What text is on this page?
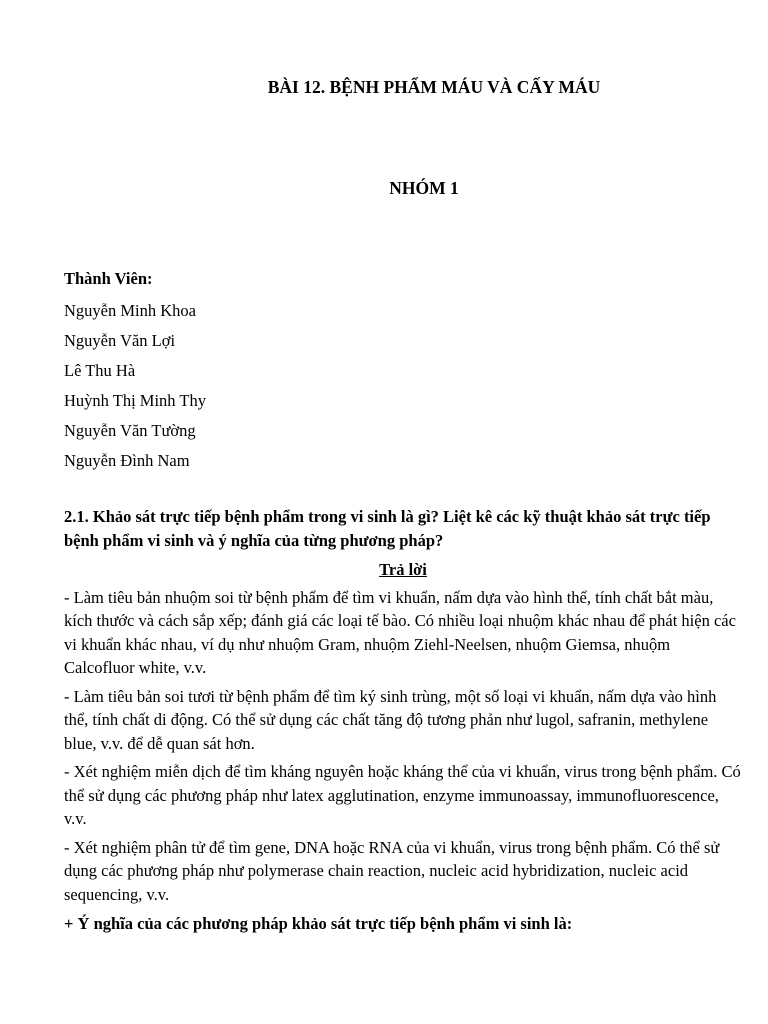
BÀI 12. BỆNH PHẨM MÁU VÀ CẤY MÁU
NHÓM 1

Thành Viên:

Nguyễn Minh Khoa
Nguyễn Văn Lợi
Lê Thu Hà
Huỳnh Thị Minh Thy
Nguyễn Văn Tường
Nguyễn Đình Nam

2.1. Khảo sát trực tiếp bệnh phẩm trong vi sinh là gì? Liệt kê các kỹ thuật khảo sát trực tiếp bệnh phẩm vi sinh và ý nghĩa của từng phương pháp?

Trả lời

- Làm tiêu bản nhuộm soi từ bệnh phẩm để tìm vi khuẩn, nấm dựa vào hình thể, tính chất bắt màu, kích thước và cách sắp xếp; đánh giá các loại tế bào. Có nhiều loại nhuộm khác nhau để phát hiện các vi khuẩn khác nhau, ví dụ như nhuộm Gram, nhuộm Ziehl-Neelsen, nhuộm Giemsa, nhuộm Calcofluor white, v.v.

- Làm tiêu bản soi tươi từ bệnh phẩm để tìm ký sinh trùng, một số loại vi khuẩn, nấm dựa vào hình thể, tính chất di động. Có thể sử dụng các chất tăng độ tương phản như lugol, safranin, methylene blue, v.v. để dễ quan sát hơn.

- Xét nghiệm miễn dịch để tìm kháng nguyên hoặc kháng thể của vi khuẩn, virus trong bệnh phẩm. Có thể sử dụng các phương pháp như latex agglutination, enzyme immunoassay, immunofluorescence, v.v.

- Xét nghiệm phân tử để tìm gene, DNA hoặc RNA của vi khuẩn, virus trong bệnh phẩm. Có thể sử dụng các phương pháp như polymerase chain reaction, nucleic acid hybridization, nucleic acid sequencing, v.v.

+ Ý nghĩa của các phương pháp khảo sát trực tiếp bệnh phẩm vi sinh là:
